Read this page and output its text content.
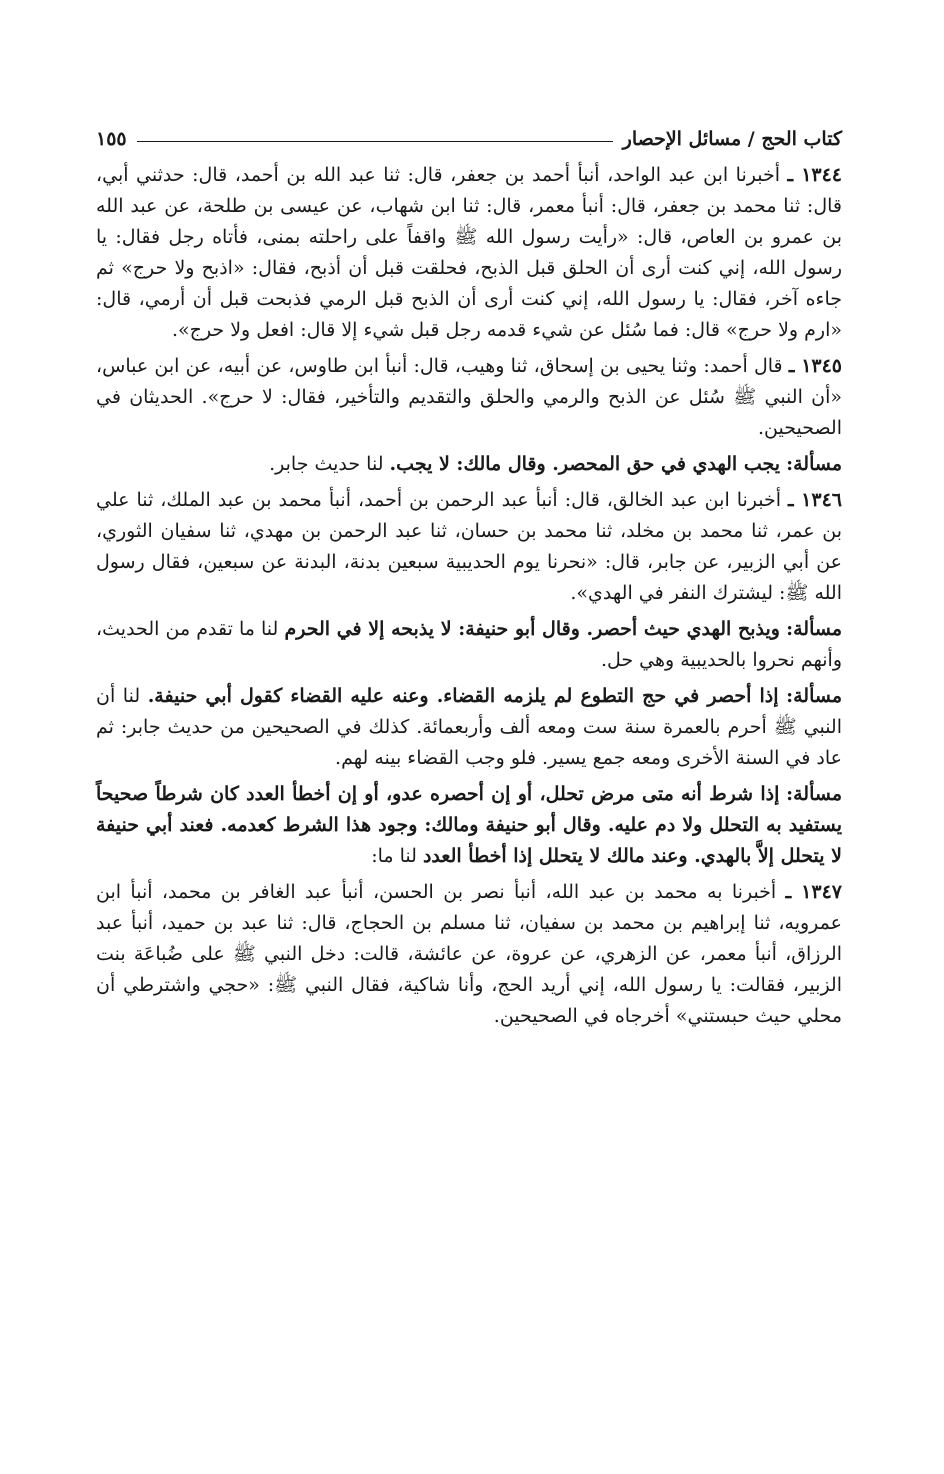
كتاب الحج / مسائل الإحصار
١٥٥

١٣٤٤ ـ أخبرنا ابن عبد الواحد، أنبأ أحمد بن جعفر، قال: ثنا عبد الله بن أحمد، قال: حدثني أبي، قال: ثنا محمد بن جعفر، قال: أنبأ معمر، قال: ثنا ابن شهاب، عن عيسى بن طلحة، عن عبد الله بن عمرو بن العاص، قال: «رأيت رسول الله ﷺ واقفاً على راحلته بمنى، فأتاه رجل فقال: يا رسول الله، إني كنت أرى أن الحلق قبل الذبح، فحلقت قبل أن أذبح، فقال: «اذبح ولا حرج» ثم جاءه آخر، فقال: يا رسول الله، إني كنت أرى أن الذبح قبل الرمي فذبحت قبل أن أرمي، قال: «ارم ولا حرج» قال: فما سُئل عن شيء قدمه رجل قبل شيء إلا قال: افعل ولا حرج».

١٣٤٥ ـ قال أحمد: وثنا يحيى بن إسحاق، ثنا وهيب، قال: أنبأ ابن طاوس، عن أبيه، عن ابن عباس، «أن النبي ﷺ سُئل عن الذبح والرمي والحلق والتقديم والتأخير، فقال: لا حرج». الحديثان في الصحيحين.

مسألة: يجب الهدي في حق المحصر. وقال مالك: لا يجب. لنا حديث جابر.

١٣٤٦ ـ أخبرنا ابن عبد الخالق، قال: أنبأ عبد الرحمن بن أحمد، أنبأ محمد بن عبد الملك، ثنا علي بن عمر، ثنا محمد بن مخلد، ثنا محمد بن حسان، ثنا عبد الرحمن بن مهدي، ثنا سفيان الثوري، عن أبي الزبير، عن جابر، قال: «نحرنا يوم الحديبية سبعين بدنة، البدنة عن سبعين، فقال رسول الله ﷺ: ليشترك النفر في الهدي».

مسألة: ويذبح الهدي حيث أحصر. وقال أبو حنيفة: لا يذبحه إلا في الحرم لنا ما تقدم من الحديث، وأنهم نحروا بالحديبية وهي حل.

مسألة: إذا أحصر في حج التطوع لم يلزمه القضاء. وعنه عليه القضاء كقول أبي حنيفة. لنا أن النبي ﷺ أحرم بالعمرة سنة ست ومعه ألف وأربعمائة. كذلك في الصحيحين من حديث جابر: ثم عاد في السنة الأخرى ومعه جمع يسير. فلو وجب القضاء بينه لهم.

مسألة: إذا شرط أنه متى مرض تحلل، أو إن أحصره عدو، أو إن أخطأ العدد كان شرطاً صحيحاً يستفيد به التحلل ولا دم عليه. وقال أبو حنيفة ومالك: وجود هذا الشرط كعدمه. فعند أبي حنيفة لا يتحلل إلاَّ بالهدي. وعند مالك لا يتحلل إذا أخطأ العدد لنا ما:

١٣٤٧ ـ أخبرنا به محمد بن عبد الله، أنبأ نصر بن الحسن، أنبأ عبد الغافر بن محمد، أنبأ ابن عمرويه، ثنا إبراهيم بن محمد بن سفيان، ثنا مسلم بن الحجاج، قال: ثنا عبد بن حميد، أنبأ عبد الرزاق، أنبأ معمر، عن الزهري، عن عروة، عن عائشة، قالت: دخل النبي ﷺ على ضُباعَة بنت الزبير، فقالت: يا رسول الله، إني أريد الحج، وأنا شاكية، فقال النبي ﷺ: «حجي واشترطي أن محلي حيث حبستني» أخرجاه في الصحيحين.
